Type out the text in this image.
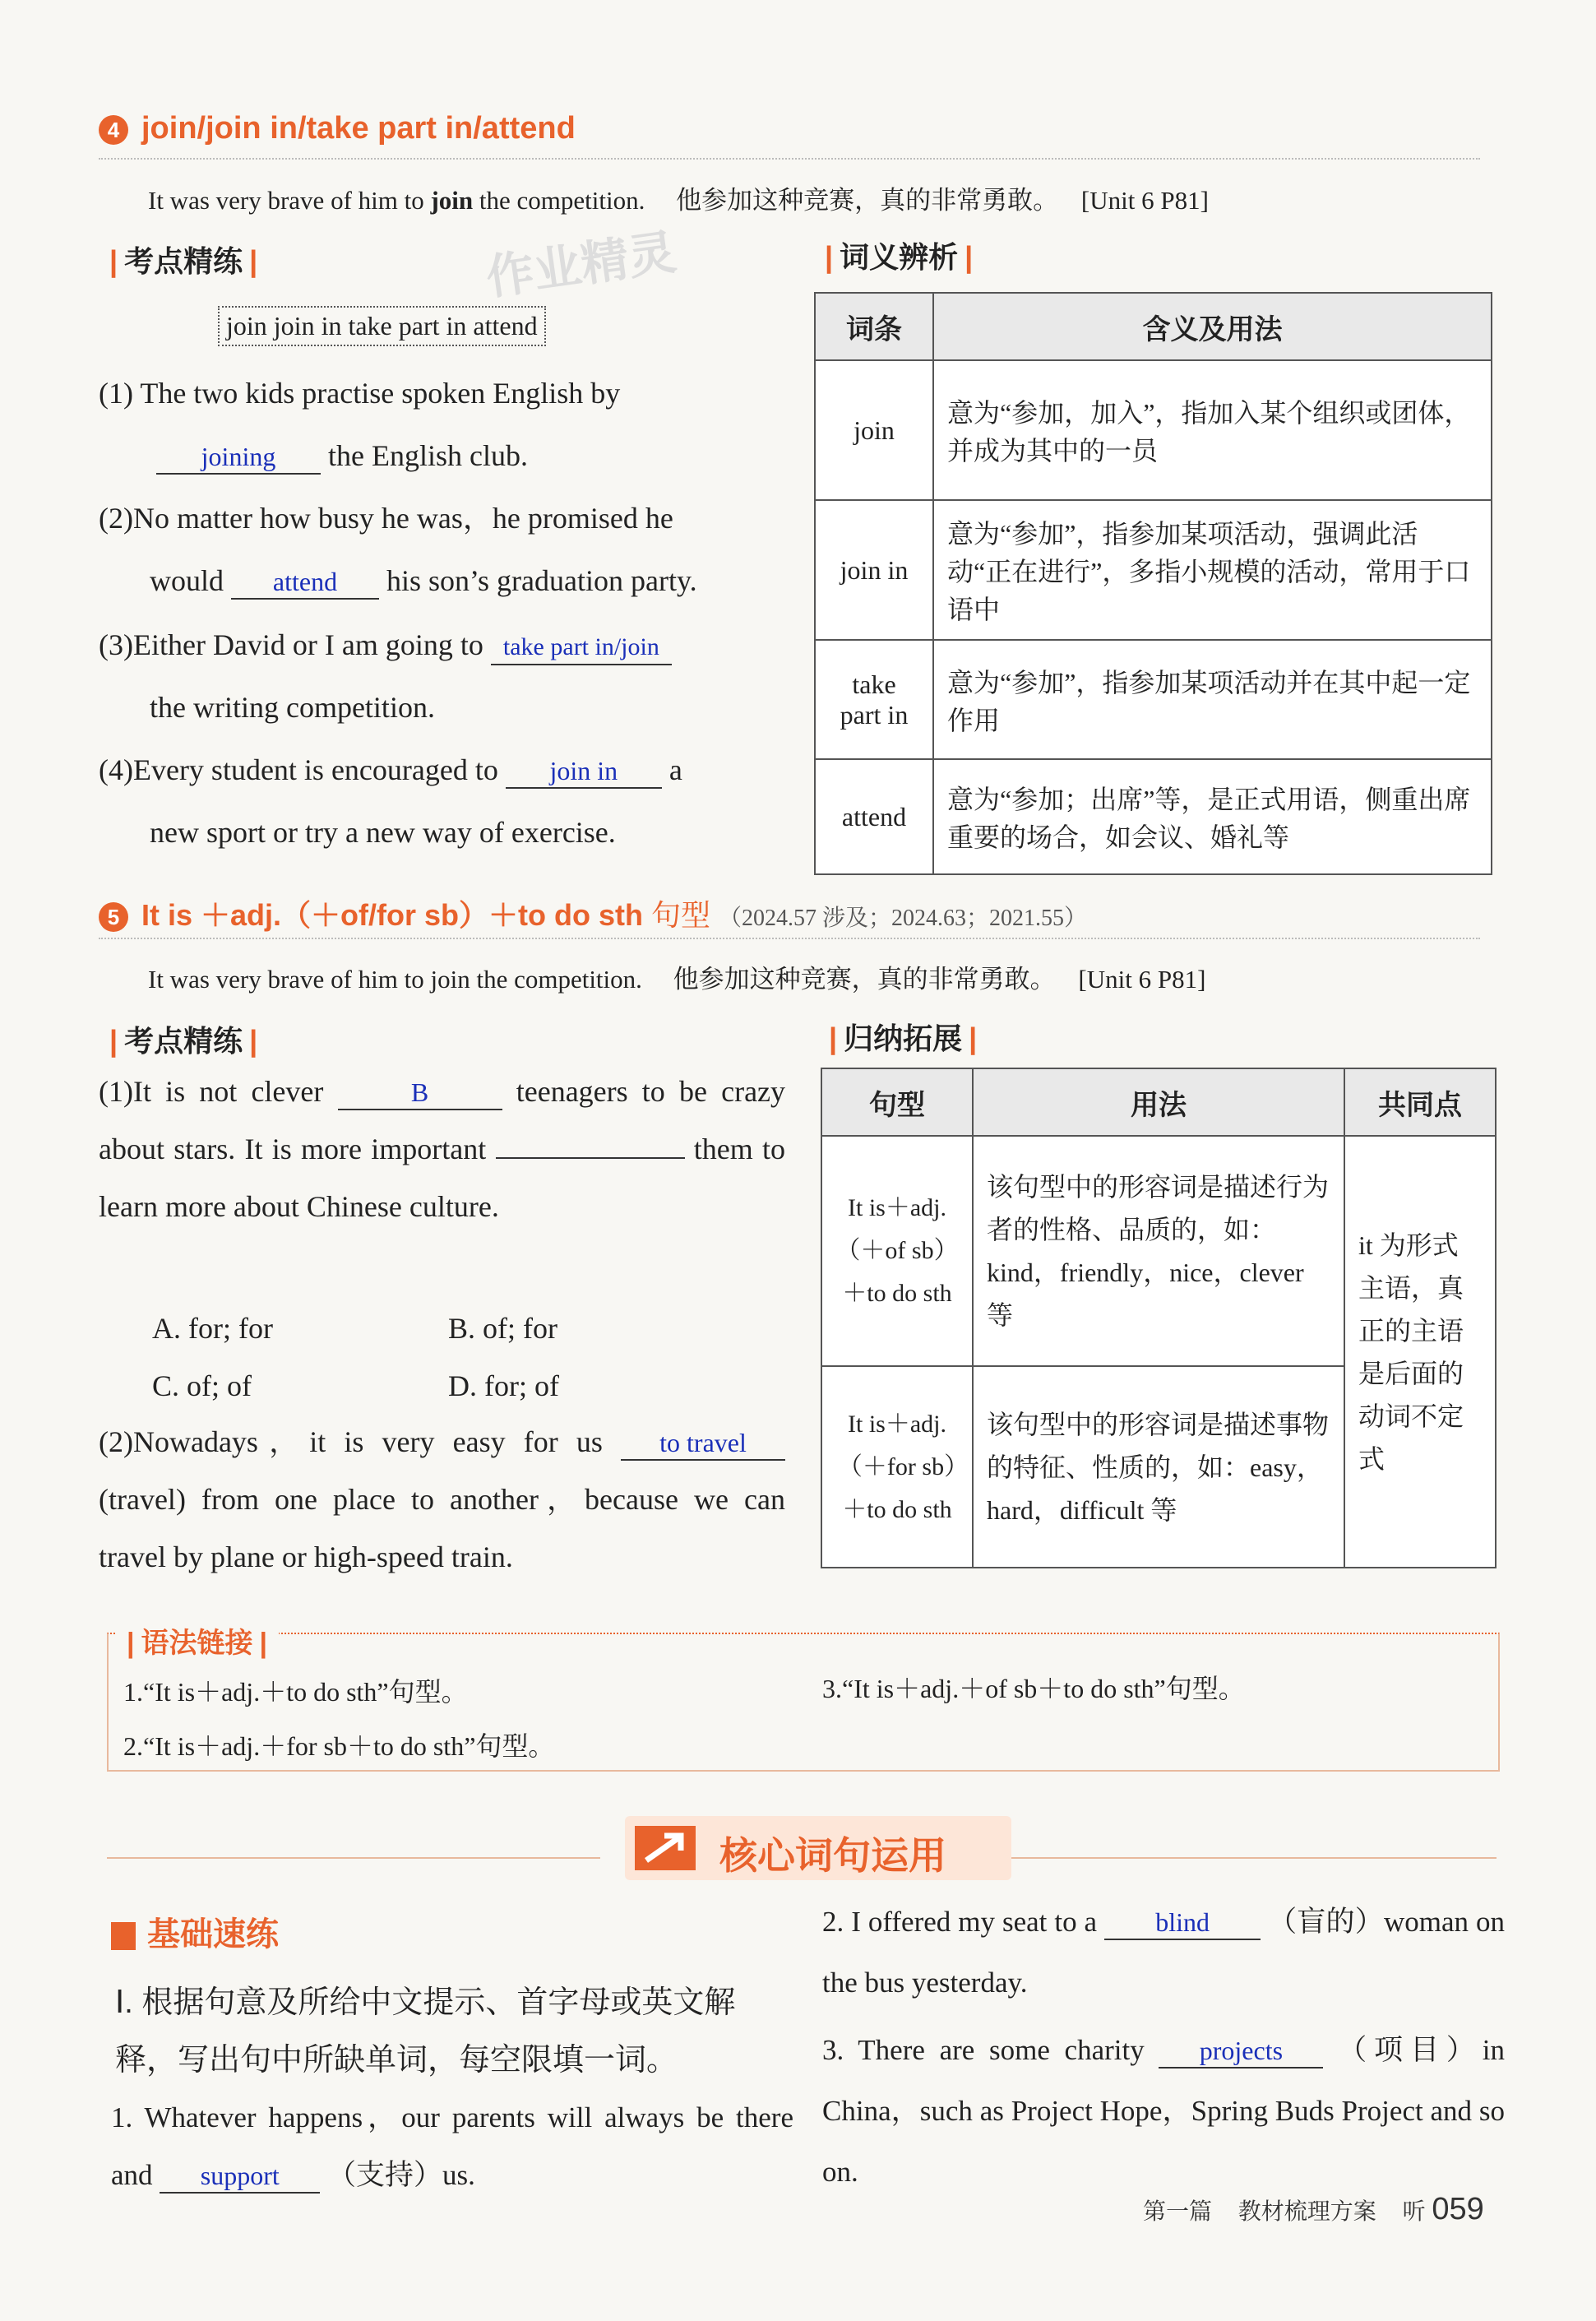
4 join/join in/take part in/attend
It was very brave of him to join the competition. 他参加这种竞赛，真的非常勇敢。 [Unit 6 P81]
| 考点精练 |	作业精灵
join join in take part in attend
(1) The two kids practise spoken English by
joining the English club.
(2)No matter how busy he was，he promised he
would attend his son’s graduation party.
(3)Either David or I am going to take part in/join
the writing competition.
(4)Every student is encouraged to join in a
new sport or try a new way of exercise.
| 词义辨析 |
词条	含义及用法
join	意为“参加，加入”，指加入某个组织或团体，并成为其中的一员
join in	意为“参加”，指参加某项活动，强调此活动“正在进行”，多指小规模的活动，常用于口语中
take part in	意为“参加”，指参加某项活动并在其中起一定作用
attend	意为“参加；出席”等，是正式用语，侧重出席重要的场合，如会议、婚礼等
5 It is ＋adj.（＋of/for sb）＋to do sth 句型 （2024.57 涉及；2024.63；2021.55）
It was very brave of him to join the competition. 他参加这种竞赛，真的非常勇敢。 [Unit 6 P81]
| 考点精练 |
(1)It is not clever	B	teenagers to be crazy about stars. It is more important	them to learn more about Chinese culture.
A. for; for	B. of; for
C. of; of	D. for; of
(2)Nowadays，it is very easy for us to travel (travel) from one place to another，because we can travel by plane or high-speed train.
| 归纳拓展 |
句型	用法	共同点
It is＋adj.（＋of sb）＋to do sth	该句型中的形容词是描述行为者的性格、品质的，如：kind，friendly，nice，clever 等	it 为形式主语，真正的主语是后面的动词不定式
It is＋adj.（＋for sb）＋to do sth	该句型中的形容词是描述事物的特征、性质的，如：easy，hard，difficult 等	
| 语法链接 |
1.“It is＋adj.＋to do sth”句型。
2.“It is＋adj.＋for sb＋to do sth”句型。
3.“It is＋adj.＋of sb＋to do sth”句型。
核心词句运用
基础速练
Ⅰ. 根据句意及所给中文提示、首字母或英文解释，写出句中所缺单词，每空限填一词。
1. Whatever happens，our parents will always be there and support （支持）us.
2. I offered my seat to a blind （盲的）woman on the bus yesterday.
3. There are some charity projects （项目）in China，such as Project Hope，Spring Buds Project and so on.
第一篇 教材梳理方案 听 059
